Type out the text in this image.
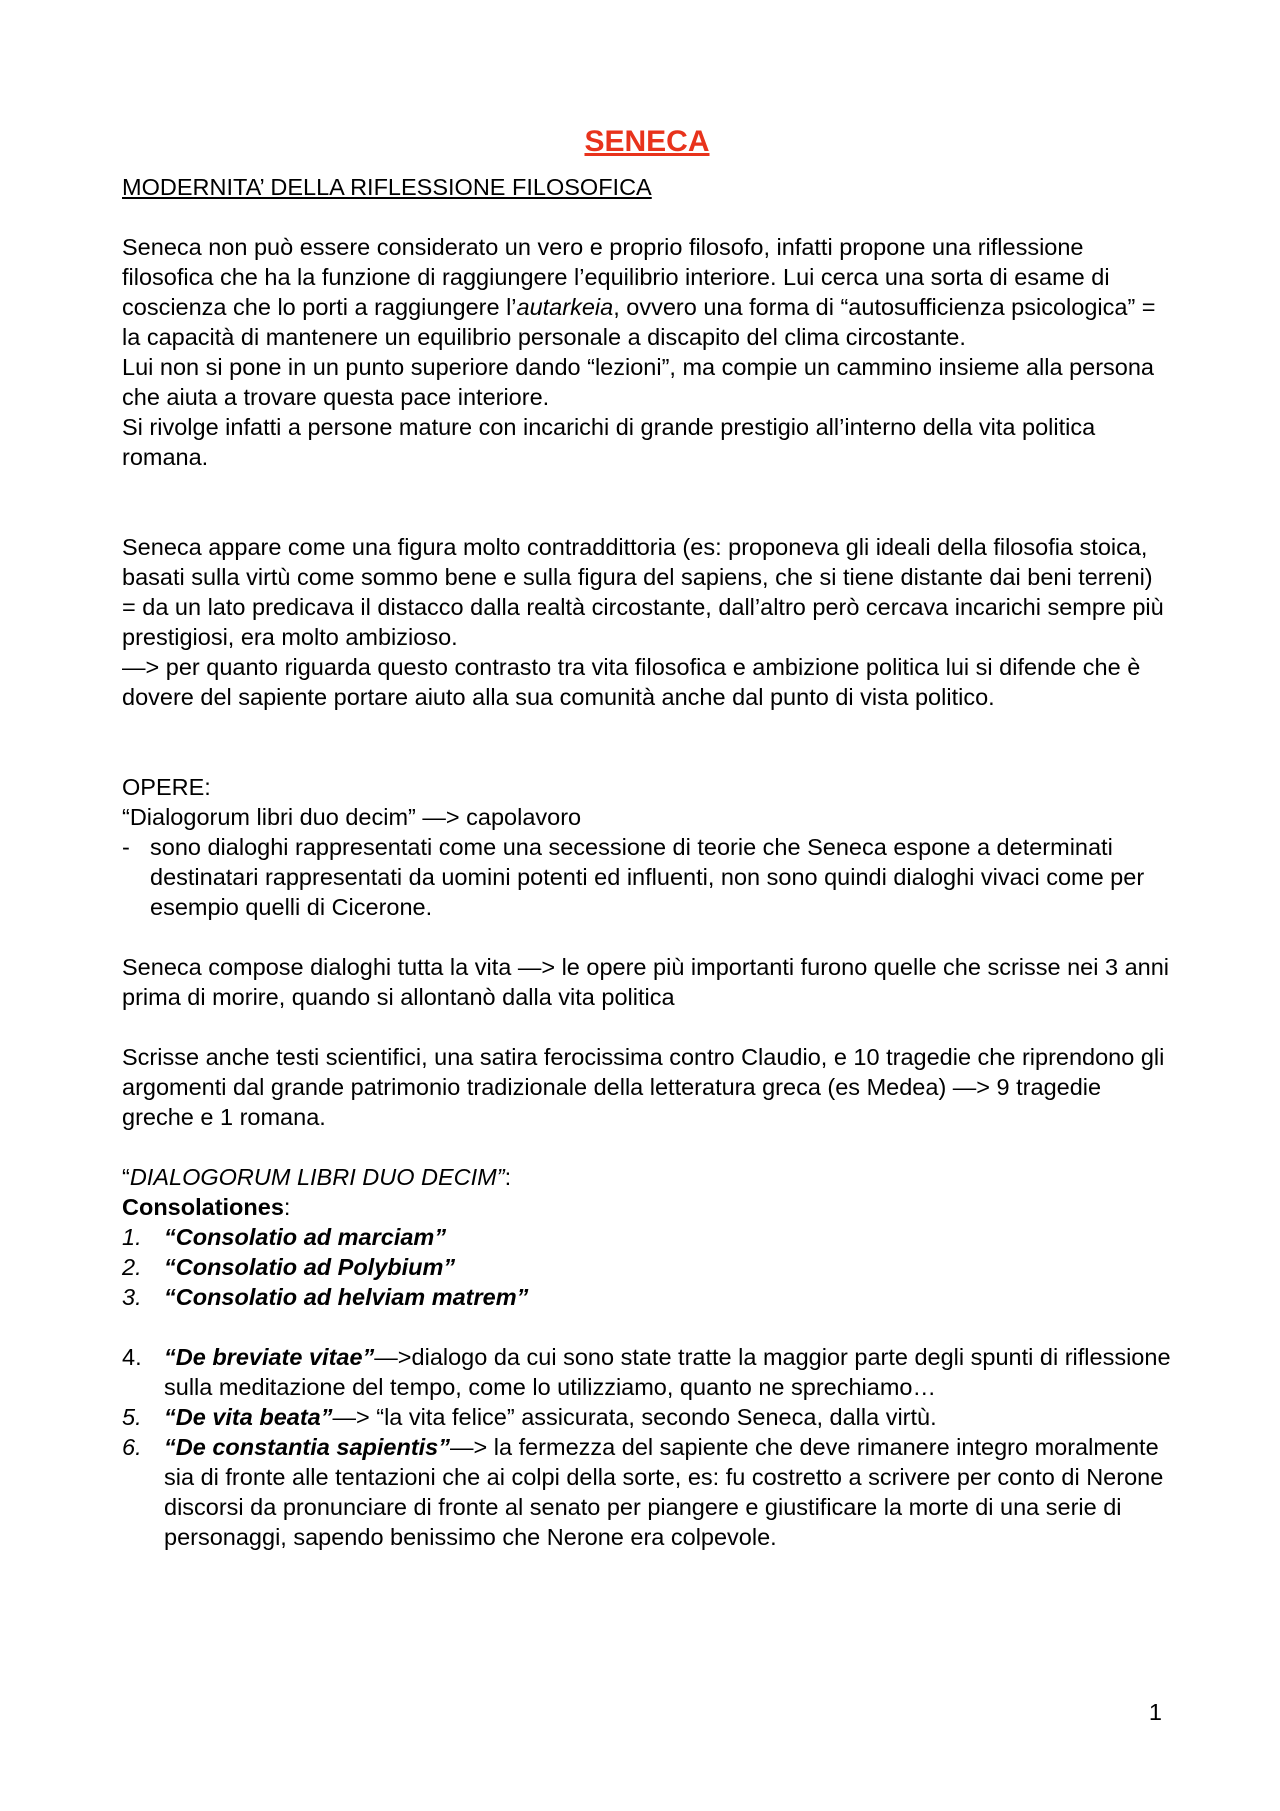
SENECA

MODERNITA’ DELLA RIFLESSIONE FILOSOFICA

Seneca non può essere considerato un vero e proprio filosofo, infatti propone una riflessione filosofica che ha la funzione di raggiungere l’equilibrio interiore. Lui cerca una sorta di esame di coscienza che lo porti a raggiungere l’autarkeia, ovvero una forma di “autosufficienza psicologica” = la capacità di mantenere un equilibrio personale a discapito del clima circostante.

Lui non si pone in un punto superiore dando “lezioni”, ma compie un cammino insieme alla persona che aiuta a trovare questa pace interiore.

Si rivolge infatti a persone mature con incarichi di grande prestigio all’interno della vita politica romana.

Seneca appare come una figura molto contraddittoria (es: proponeva gli ideali della filosofia stoica, basati sulla virtù come sommo bene e sulla figura del sapiens, che si tiene distante dai beni terreni) = da un lato predicava il distacco dalla realtà circostante, dall’altro però cercava incarichi sempre più prestigiosi, era molto ambizioso.

—> per quanto riguarda questo contrasto tra vita filosofica e ambizione politica lui si difende che è dovere del sapiente portare aiuto alla sua comunità anche dal punto di vista politico.

OPERE:

“Dialogorum libri duo decim” —> capolavoro

- sono dialoghi rappresentati come una secessione di teorie che Seneca espone a determinati destinatari rappresentati da uomini potenti ed influenti, non sono quindi dialoghi vivaci come per esempio quelli di Cicerone.

Seneca compose dialoghi tutta la vita —> le opere più importanti furono quelle che scrisse nei 3 anni prima di morire, quando si allontanò dalla vita politica

Scrisse anche testi scientifici, una satira ferocissima contro Claudio, e 10 tragedie che riprendono gli argomenti dal grande patrimonio tradizionale della letteratura greca (es Medea) —> 9 tragedie greche e 1 romana.

“DIALOGORUM LIBRI DUO DECIM”:

Consolationes:

1. “Consolatio ad marciam”
2. “Consolatio ad Polybium”
3. “Consolatio ad helviam matrem”
4. “De breviate vitae”—>dialogo da cui sono state tratte la maggior parte degli spunti di riflessione sulla meditazione del tempo, come lo utilizziamo, quanto ne sprechiamo…
5. “De vita beata”—> “la vita felice” assicurata, secondo Seneca, dalla virtù.
6. “De constantia sapientis”—> la fermezza del sapiente che deve rimanere integro moralmente sia di fronte alle tentazioni che ai colpi della sorte, es: fu costretto a scrivere per conto di Nerone discorsi da pronunciare di fronte al senato per piangere e giustificare la morte di una serie di personaggi, sapendo benissimo che Nerone era colpevole.
1
